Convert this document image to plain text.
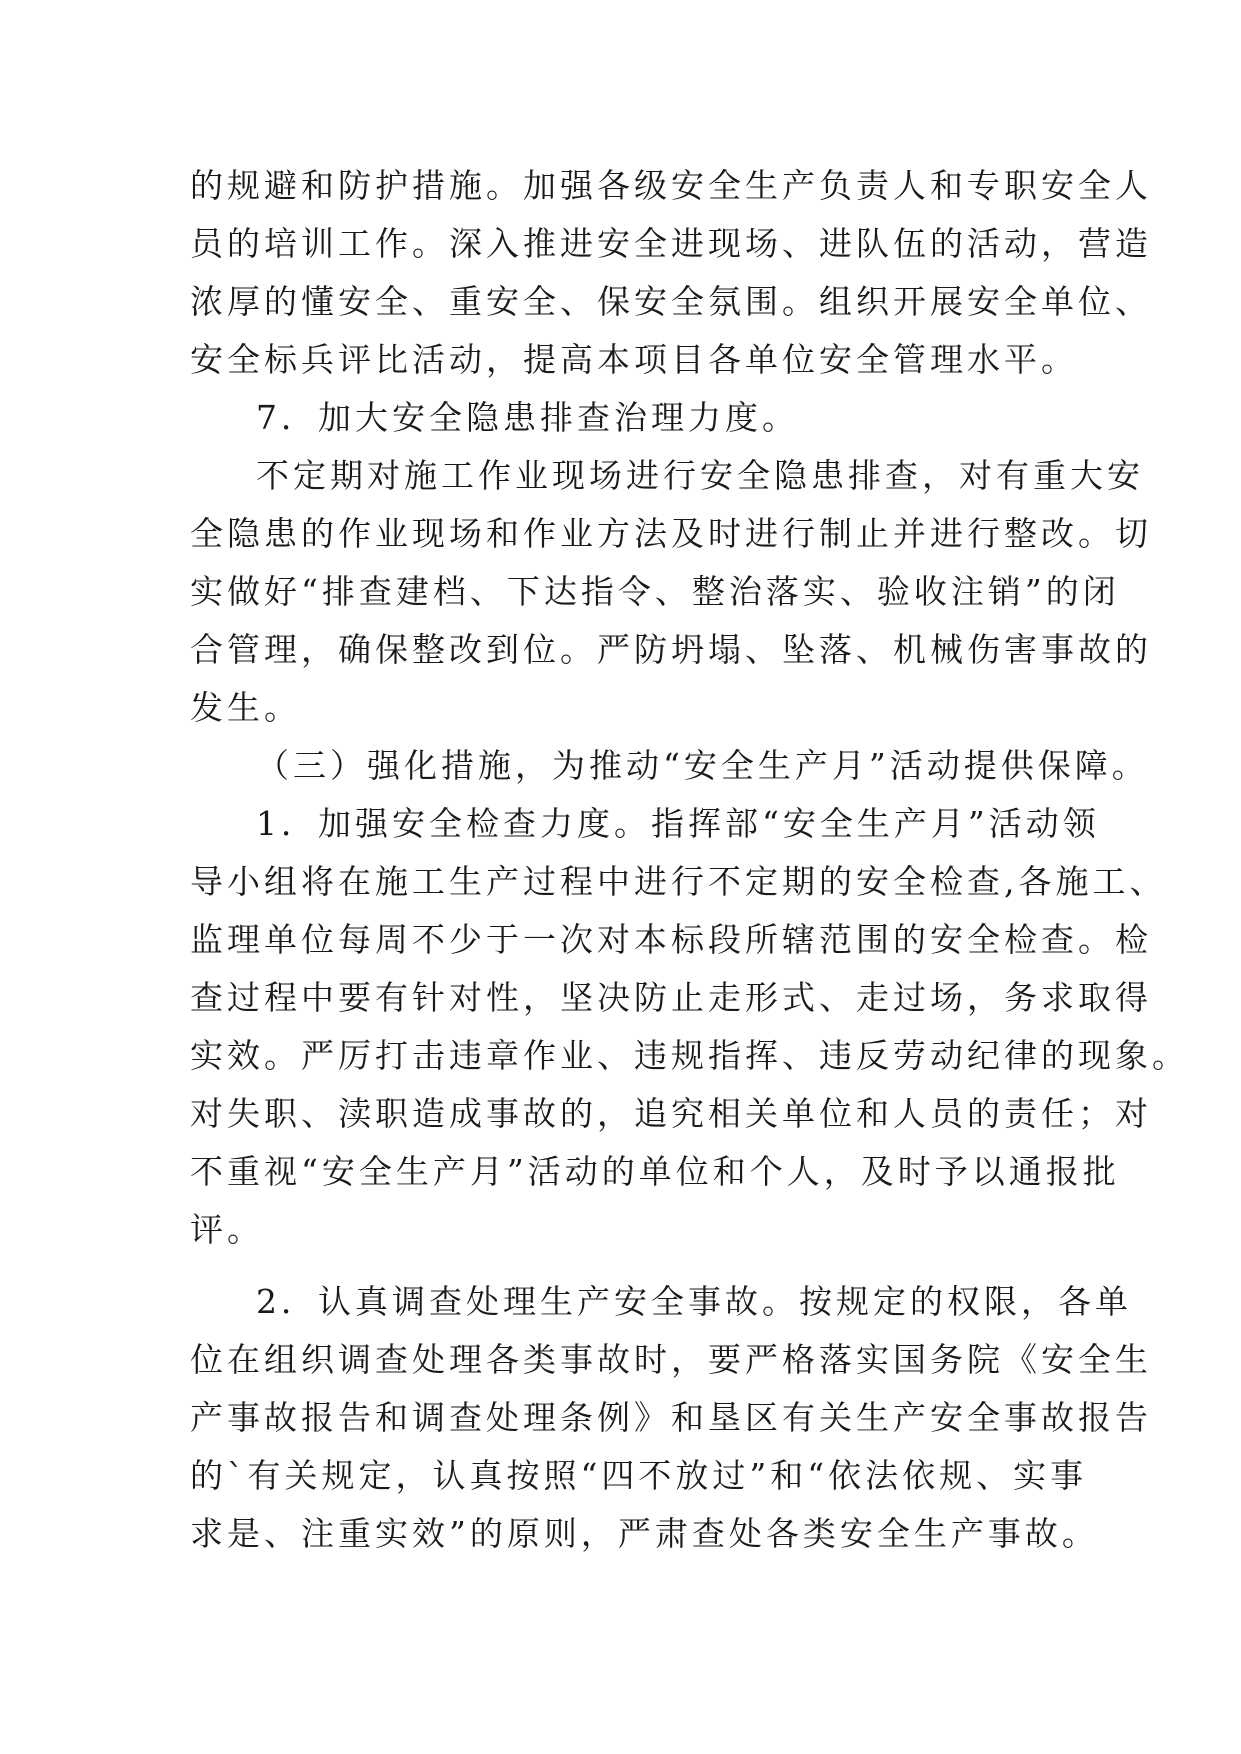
的规避和防护措施。加强各级安全生产负责人和专职安全人
员的培训工作。深入推进安全进现场、进队伍的活动，营造
浓厚的懂安全、重安全、保安全氛围。组织开展安全单位、
安全标兵评比活动，提高本项目各单位安全管理水平。
7．加大安全隐患排查治理力度。
不定期对施工作业现场进行安全隐患排查，对有重大安
全隐患的作业现场和作业方法及时进行制止并进行整改。切
实做好“排查建档、下达指令、整治落实、验收注销”的闭
合管理，确保整改到位。严防坍塌、坠落、机械伤害事故的
发生。
（三）强化措施，为推动“安全生产月”活动提供保障。
1．加强安全检查力度。指挥部“安全生产月”活动领
导小组将在施工生产过程中进行不定期的安全检查,各施工、
监理单位每周不少于一次对本标段所辖范围的安全检查。检
查过程中要有针对性，坚决防止走形式、走过场，务求取得
实效。严厉打击违章作业、违规指挥、违反劳动纪律的现象。
对失职、渎职造成事故的，追究相关单位和人员的责任；对
不重视“安全生产月”活动的单位和个人，及时予以通报批
评。
2．认真调查处理生产安全事故。按规定的权限，各单
位在组织调查处理各类事故时，要严格落实国务院《安全生
产事故报告和调查处理条例》和垦区有关生产安全事故报告
的`有关规定，认真按照“四不放过”和“依法依规、实事
求是、注重实效”的原则，严肃查处各类安全生产事故。
